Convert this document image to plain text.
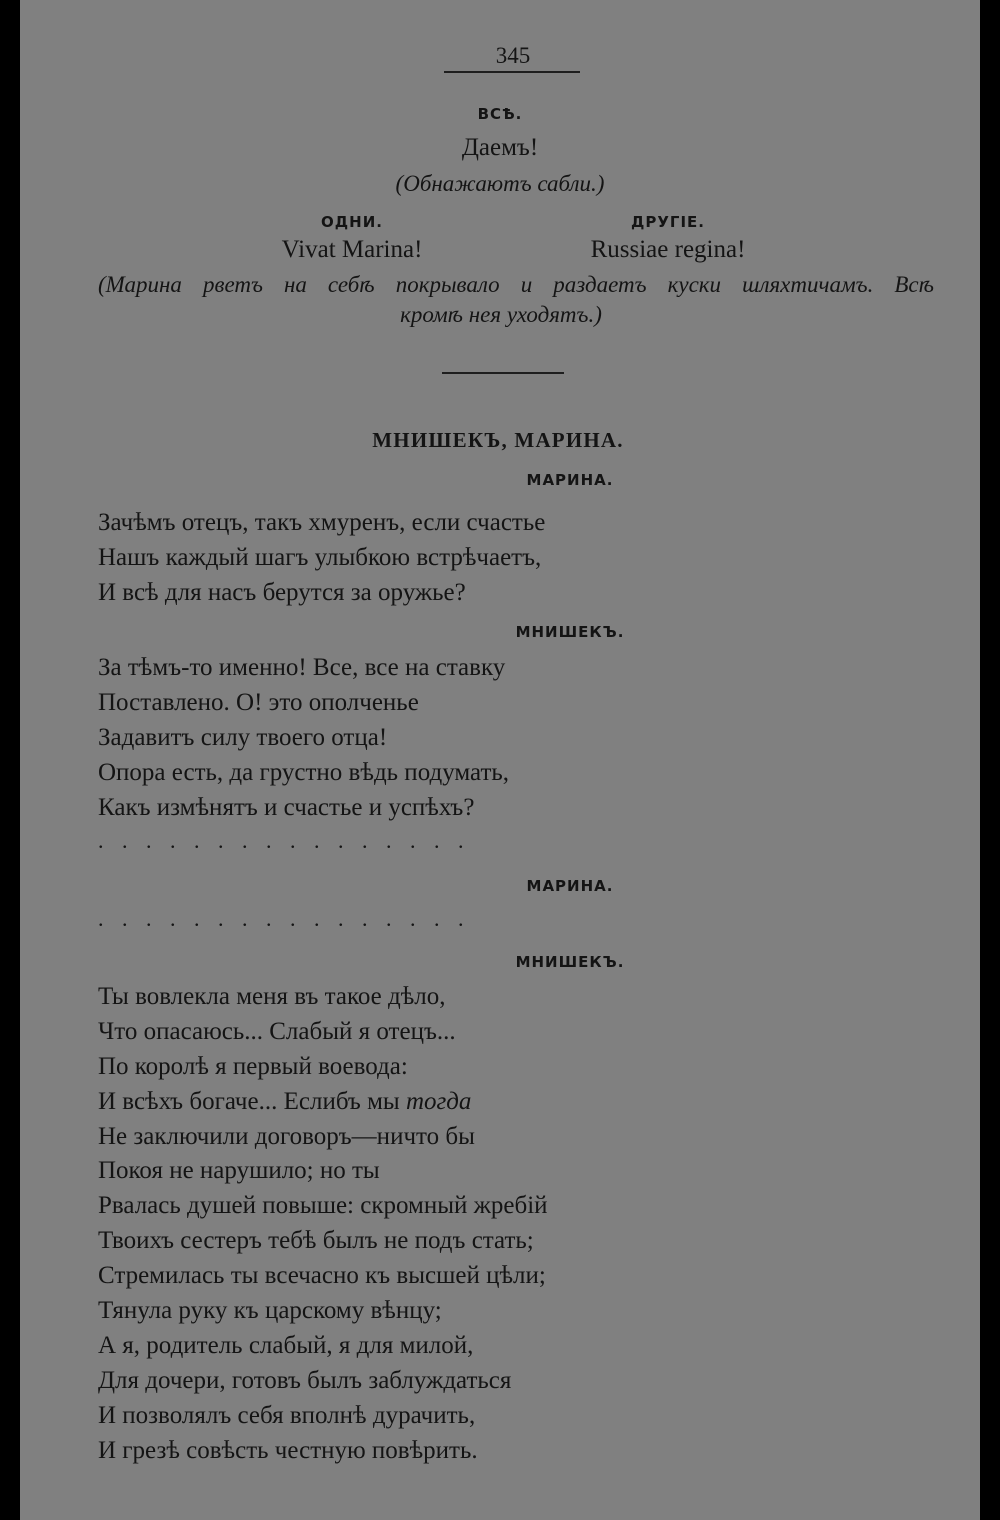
345
ВСѢ.
Даемъ!
(Обнажаютъ сабли.)
ОДНИ.
Vivat Marina!
ДРУГІЕ.
Russiae regina!
(Марина рветъ на себѣ покрывало и раздаетъ куски шляхтичамъ. Всѣ
кромѣ нея уходятъ.)
МНИШЕКЪ, МАРИНА.
МАРИНА.
Зачѣмъ отецъ, такъ хмуренъ, если счастье
Нашъ каждый шагъ улыбкою встрѣчаетъ,
И всѣ для насъ берутся за оружье?
МНИШЕКЪ.
За тѣмъ-то именно! Все, все на ставку
Поставлено. О! это ополченье
Задавитъ силу твоего отца!
Опора есть, да грустно вѣдь подумать,
Какъ измѣнятъ и счастье и успѣхъ?
................
МАРИНА.
................
МНИШЕКЪ.
Ты вовлекла меня въ такое дѣло,
Что опасаюсь... Слабый я отецъ...
По королѣ я первый воевода:
И всѣхъ богаче... Еслибъ мы тогда
Не заключили договоръ—ничто бы
Покоя не нарушило; но ты
Рвалась душей повыше: скромный жребій
Твоихъ сестеръ тебѣ былъ не подъ стать;
Стремилась ты всечасно къ высшей цѣли;
Тянула руку къ царскому вѣнцу;
А я, родитель слабый, я для милой,
Для дочери, готовъ былъ заблуждаться
И позволялъ себя вполнѣ дурачить,
И грезѣ совѣсть честную повѣрить.
